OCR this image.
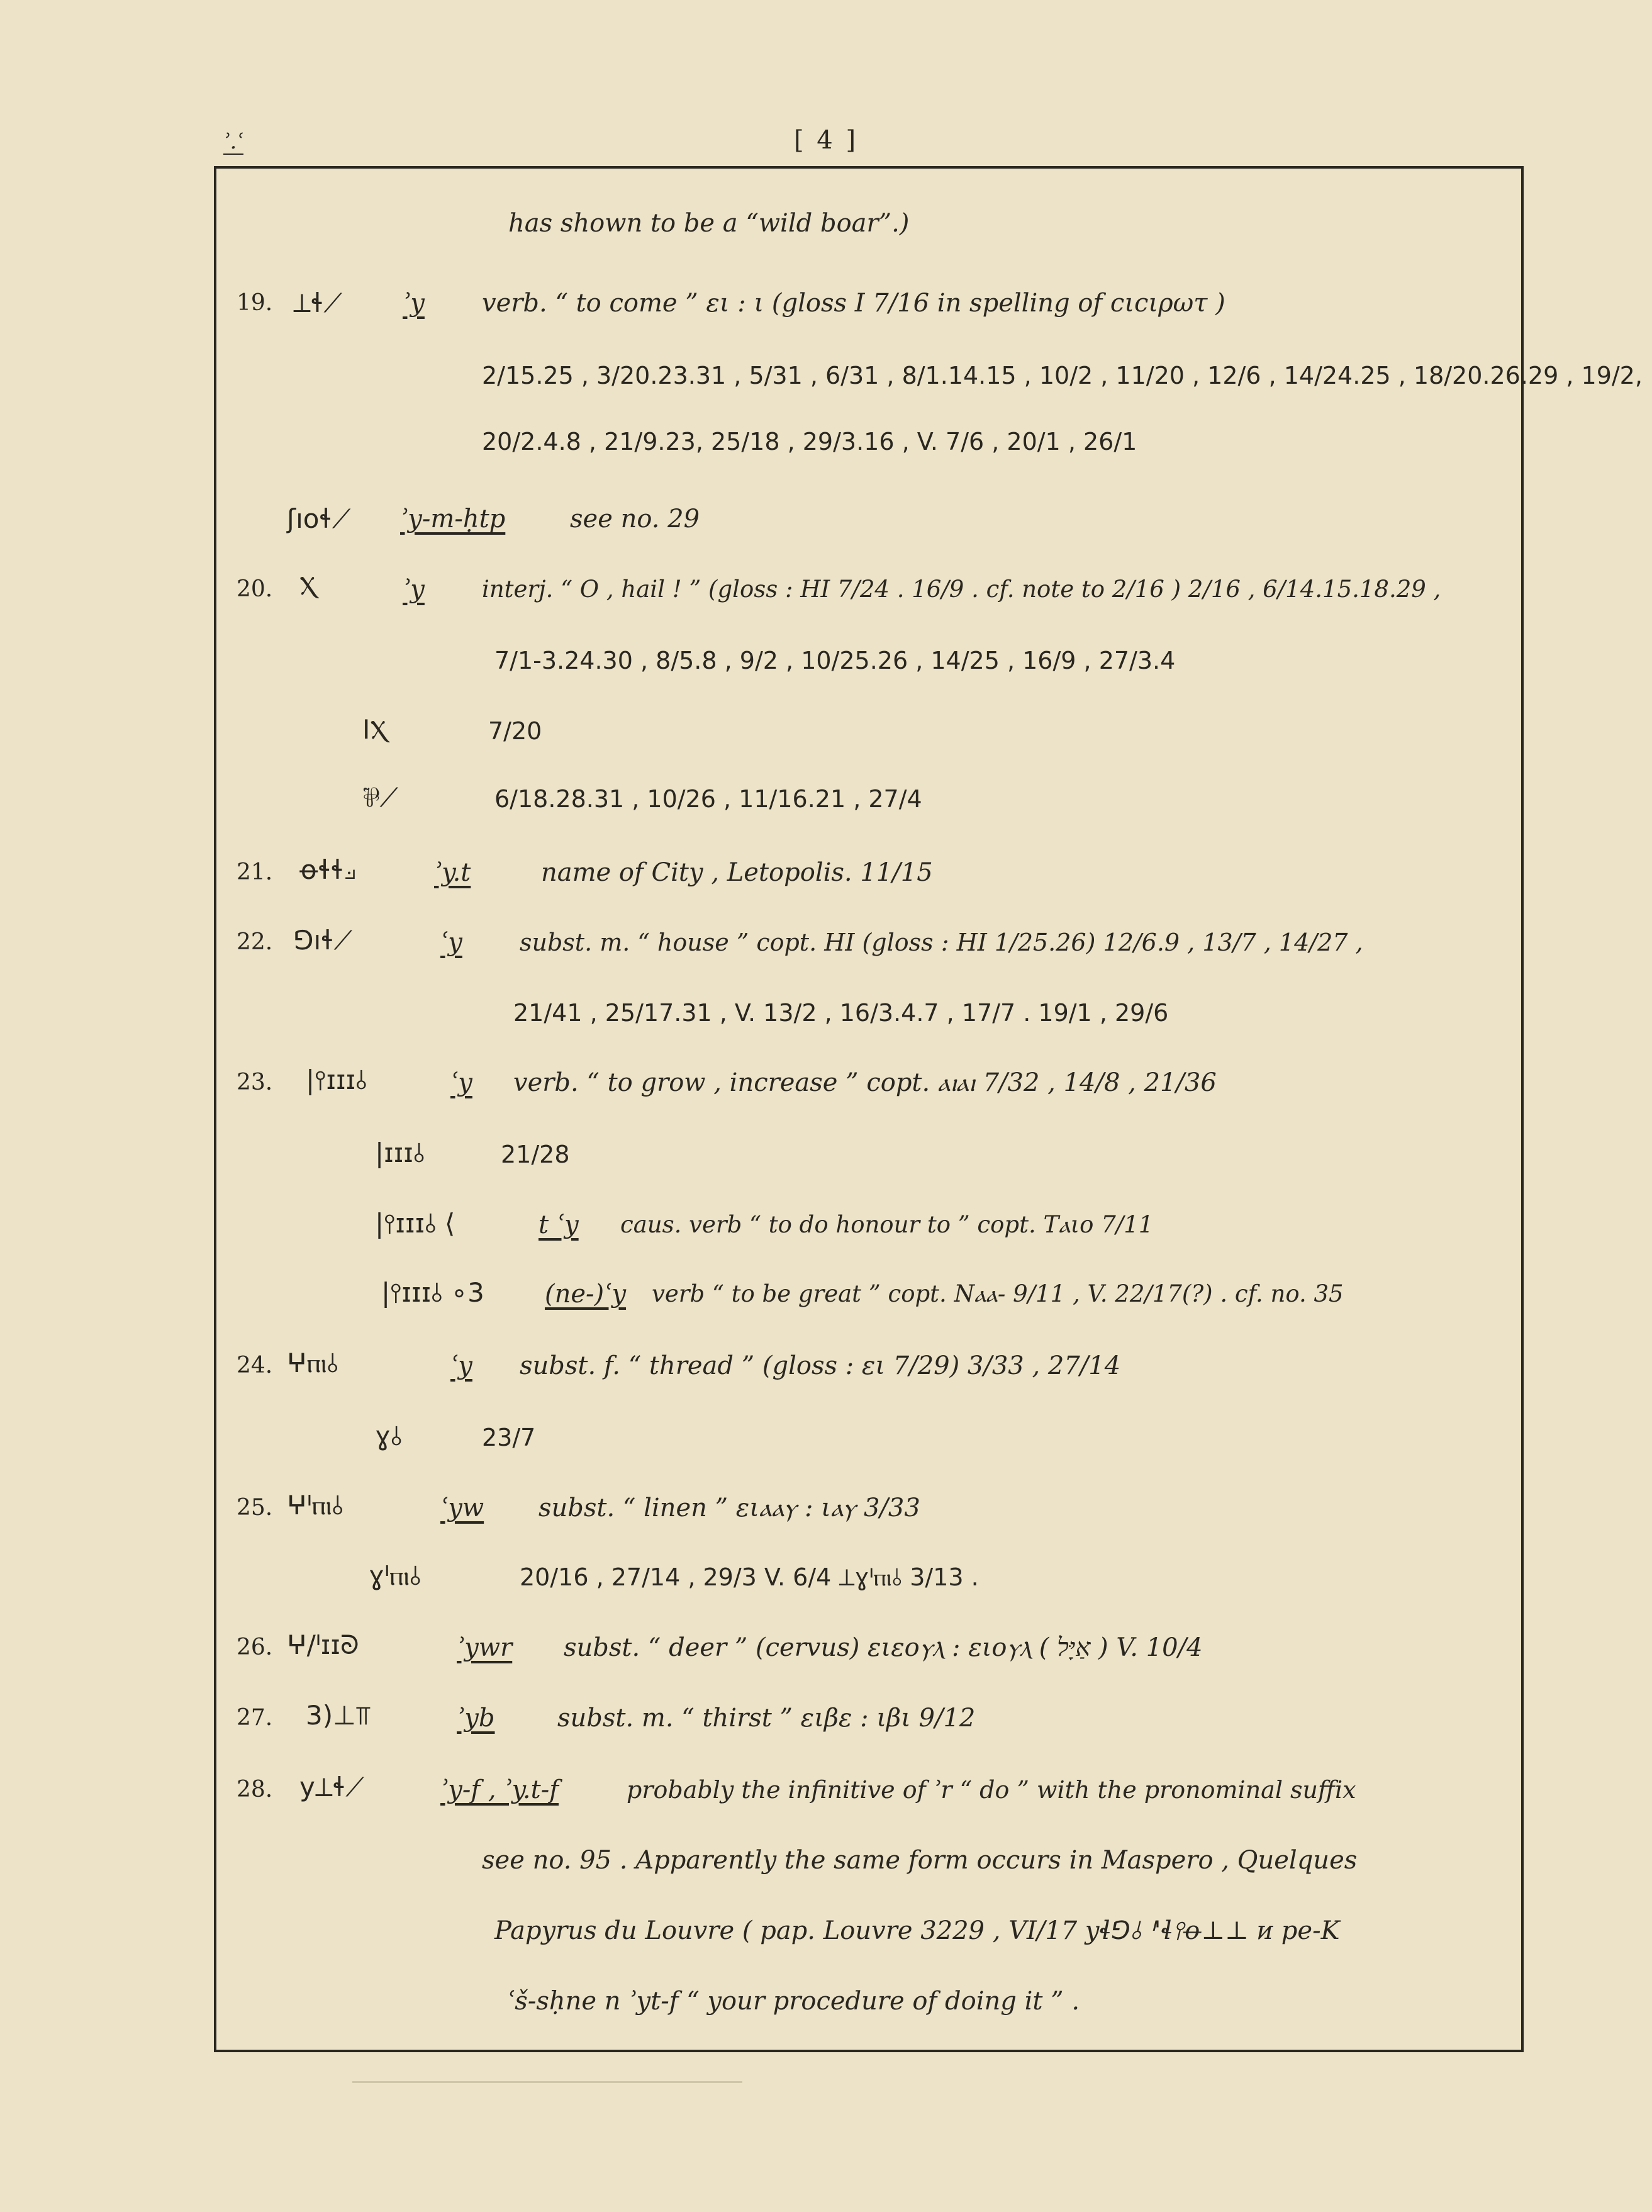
ʾ.ʿ	[ 4 ]
has shown to be a “wild boar”.)
19. ⟂ɬ⟋ ʾy verb. “ to come ” ει : ι (gloss I 7/16 in spelling of ϲιϲιρωτ )
2/15.25 , 3/20.23.31 , 5/31 , 6/31 , 8/1.14.15 , 10/2 , 11/20 , 12/6 , 14/24.25 , 18/20.26.29 , 19/2,
20/2.4.8 , 21/9.23, 25/18 , 29/3.16 , V. 7/6 , 20/1 , 26/1
ʃıoɬ⟋ ʾy-m-ḥtp	see no. 29
20. Ⲭ	ʾy interj. “ O , hail ! ” (gloss : HI 7/24 . 16/9 . cf. note to 2/16 ) 2/16 , 6/14.15.18.29 ,
7/1-3.24.30 , 8/5.8 , 9/2 , 10/25.26 , 14/25 , 16/9 , 27/3.4
IⲬ	7/20
⅌⟋	6/18.28.31 , 10/26 , 11/16.21 , 27/4
21. ꝋɬɬ⟓	ʾy.t	name of City , Letopolis. 11/15
22. ⅁ıɬ⟋	ʿy subst. m. “ house ” copt. HI (gloss : HI 1/25.26) 12/6.9 , 13/7 , 14/27 ,
21/41 , 25/17.31 , V. 13/2 , 16/3.4.7 , 17/7 . 19/1 , 29/6
23. |⫯ɪɪɪ⫰	ʿy verb. “ to grow , increase ” copt. ⲁⲓⲁⲓ 7/32 , 14/8 , 21/36
|ɪɪɪ⫰	21/28
|⫯ɪɪɪ⫰ ⟨	t ʿy caus. verb “ to do honour to ” copt. Tⲁιο 7/11
|⫯ɪɪɪ⫰ ∘3 (ne-)ʿy verb “ to be great ” copt. Nⲁⲁ- 9/11 , V. 22/17(?) . cf. no. 35
24. ⵖⲡⲓ⫰	ʿy subst. f. “ thread ” (gloss : ει 7/29) 3/33 , 27/14
ɣ⫰	23/7
25. ⵖᑊⲡⲓ⫰	ʿyw subst. “ linen ” ειⲁⲁⲩ : ιⲁⲩ 3/33
ɣᑊⲡⲓ⫰	20/16 , 27/14 , 29/3 V. 6/4 ⟂ɣᑊⲡⲓ⫰ 3/13 .
26. ⵖ/ᑊɪɪᘐ	ʾywr subst. “ deer ” (cervus) ειεοⲩⲗ : ειοⲩⲗ ( אַיָּל ) V. 10/4
27. 3)⊥⫪	ʾyb subst. m. “ thirst ” ειβε : ιβι 9/12
28. y⟂ɬ⟋	ʾy-f , ʾy.t-f	probably the infinitive of ʾr “ do ” with the pronominal suffix
see no. 95 . Apparently the same form occurs in Maspero , Quelques
Papyrus du Louvre ( pap. Louvre 3229 , VI/17 yɬ⅁⫰ ᑊ'ɬ⫯ꝋ⊥⊥ ᴎ pe-K
ʿš-sḥne n ʾyt-f “ your procedure of doing it ” .
